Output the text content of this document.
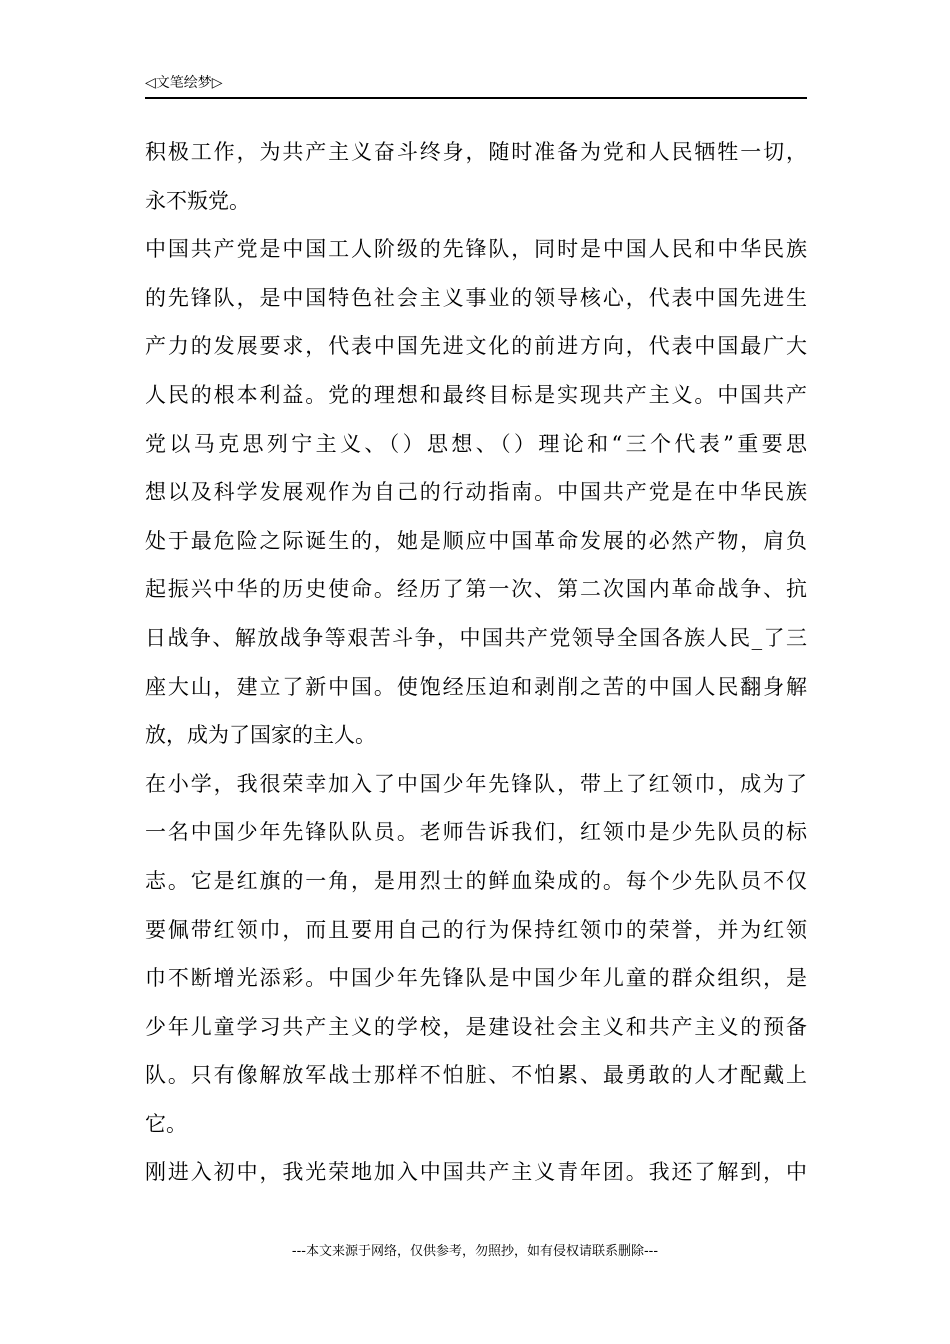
◁文笔绘梦▷
积极工作，为共产主义奋斗终身，随时准备为党和人民牺牲一切，
永不叛党。
中国共产党是中国工人阶级的先锋队，同时是中国人民和中华民族
的先锋队，是中国特色社会主义事业的领导核心，代表中国先进生
产力的发展要求，代表中国先进文化的前进方向，代表中国最广大
人民的根本利益。党的理想和最终目标是实现共产主义。中国共产
党以马克思列宁主义、（）思想、（）理论和“三个代表”重要思
想以及科学发展观作为自己的行动指南。中国共产党是在中华民族
处于最危险之际诞生的，她是顺应中国革命发展的必然产物，肩负
起振兴中华的历史使命。经历了第一次、第二次国内革命战争、抗
日战争、解放战争等艰苦斗争，中国共产党领导全国各族人民_了三
座大山，建立了新中国。使饱经压迫和剥削之苦的中国人民翻身解
放，成为了国家的主人。
在小学，我很荣幸加入了中国少年先锋队，带上了红领巾，成为了
一名中国少年先锋队队员。老师告诉我们，红领巾是少先队员的标
志。它是红旗的一角，是用烈士的鲜血染成的。每个少先队员不仅
要佩带红领巾，而且要用自己的行为保持红领巾的荣誉，并为红领
巾不断增光添彩。中国少年先锋队是中国少年儿童的群众组织，是
少年儿童学习共产主义的学校，是建设社会主义和共产主义的预备
队。只有像解放军战士那样不怕脏、不怕累、最勇敢的人才配戴上
它。
刚进入初中，我光荣地加入中国共产主义青年团。我还了解到，中
---本文来源于网络，仅供参考，勿照抄，如有侵权请联系删除---
